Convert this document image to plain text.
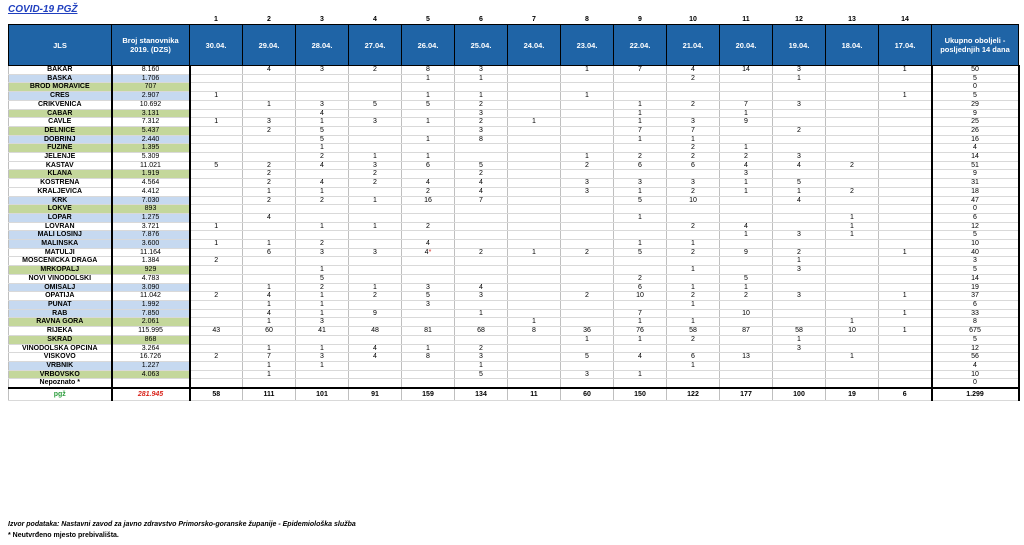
COVID-19 PGŽ
		1	2	3	4	5	6	7	8	9	10	11	12	13	14	
JLS	Broj stanovnika 2019. (DZS)	30.04.	29.04.	28.04.	27.04.	26.04.	25.04.	24.04.	23.04.	22.04.	21.04.	20.04.	19.04.	18.04.	17.04.	Ukupno oboljeli - posljednjih 14 dana
BAKAR	8.160		4	3	2	8	3		1	7	4	14	3		1	50
BAŠKA	1.706					1	1				2		1			5
BROD MORAVICE	707															0
CRES	2.907	1				1	1		1						1	5
CRIKVENICA	10.692		1	3	5	5	2			1	2	7	3			29
ČABAR	3.131			4			3			1		1				9
ČAVLE	7.312	1	3	1	3	1	2	1		1	3	9				25
DELNICE	5.437		2	5			3			7	7		2			26
DOBRINJ	2.440			5		1	8			1	1					16
FUŽINE	1.395			1							2	1				4
JELENJE	5.309			2	1	1			1	2	2	2	3			14
KASTAV	11.021	5	2	4	3	6	5		2	6	6	4	4	2		51
KLANA	1.919		2		2		2					3				9
KOSTRENA	4.564		2	4	2	4	4		3	3	3	1	5			31
KRALJEVICA	4.412		1	1		2	4		3	1	2	1	1	2		18
KRK	7.030		2	2	1	16	7			5	10		4			47
LOKVE	893															0
LOPAR	1.275		4							1				1		6
LOVRAN	3.721	1		1	1	2					2	4		1		12
MALI LOŠINJ	7.876											1	3	1		5
MALINSKA	3.600	1	1	2		4				1	1					10
MATULJI	11.164		6	3	3	4*	2	1	2	5	2	9	2		1	40
MOŠĆENIČKA DRAGA	1.384	2											1			3
MRKOPALJ	929			1							1		3			5
NOVI VINODOLSKI	4.783			5						2		5				14
OMIŠALJ	3.090		1	2	1	3	4			6	1	1				19
OPATIJA	11.042	2	4	1	2	5	3		2	10	2	2	3		1	37
PUNAT	1.992		1	1		3					1					6
RAB	7.850		4	1	9		1			7		10			1	33
RAVNA GORA	2.061		1	3				1		1	1			1		8
RIJEKA	115.995	43	60	41	48	81	68	8	36	76	58	87	58	10	1	675
SKRAD	868								1	1	2		1			5
VINODOLSKA OPĆINA	3.264		1	1	4	1	2						3			12
VIŠKOVO	16.726	2	7	3	4	8	3		5	4	6	13		1		56
VRBNIK	1.227		1	1			1				1					4
VRBOVSKO	4.063		1				5		3	1						10
Nepoznato *																0
pgž	281.945	58	111	101	91	159	134	11	60	150	122	177	100	19	6	1.299
Izvor podataka: Nastavni zavod za javno zdravstvo Primorsko-goranske županije - Epidemiološka služba
* Neutvrđeno mjesto prebivališta.
